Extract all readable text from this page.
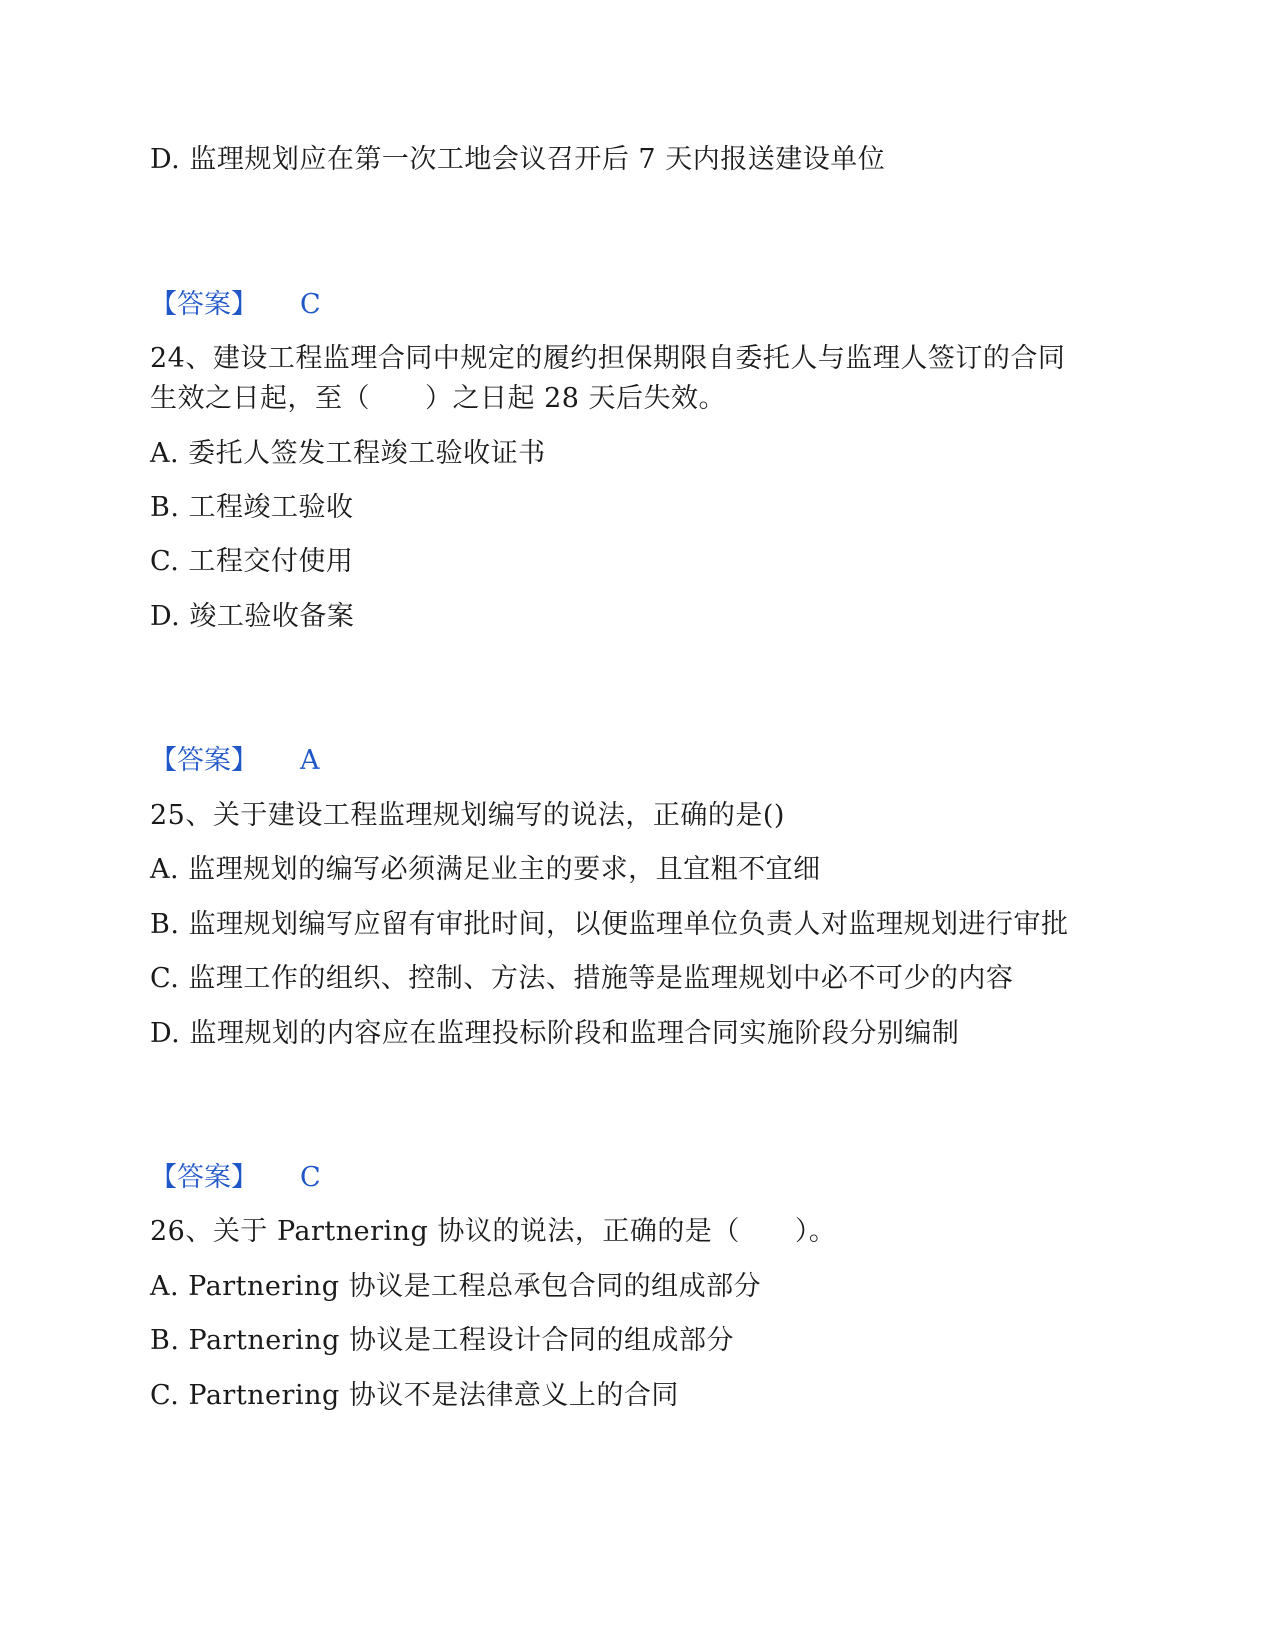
D. 监理规划应在第一次工地会议召开后 7 天内报送建设单位
【答案】 C
24、建设工程监理合同中规定的履约担保期限自委托人与监理人签订的合同
生效之日起，至（　　）之日起 28 天后失效。
A. 委托人签发工程竣工验收证书
B. 工程竣工验收
C. 工程交付使用
D. 竣工验收备案
【答案】 A
25、关于建设工程监理规划编写的说法，正确的是()
A. 监理规划的编写必须满足业主的要求，且宜粗不宜细
B. 监理规划编写应留有审批时间，以便监理单位负责人对监理规划进行审批
C. 监理工作的组织、控制、方法、措施等是监理规划中必不可少的内容
D. 监理规划的内容应在监理投标阶段和监理合同实施阶段分别编制
【答案】 C
26、关于 Partnering 协议的说法，正确的是（　　）。
A. Partnering 协议是工程总承包合同的组成部分
B. Partnering 协议是工程设计合同的组成部分
C. Partnering 协议不是法律意义上的合同
